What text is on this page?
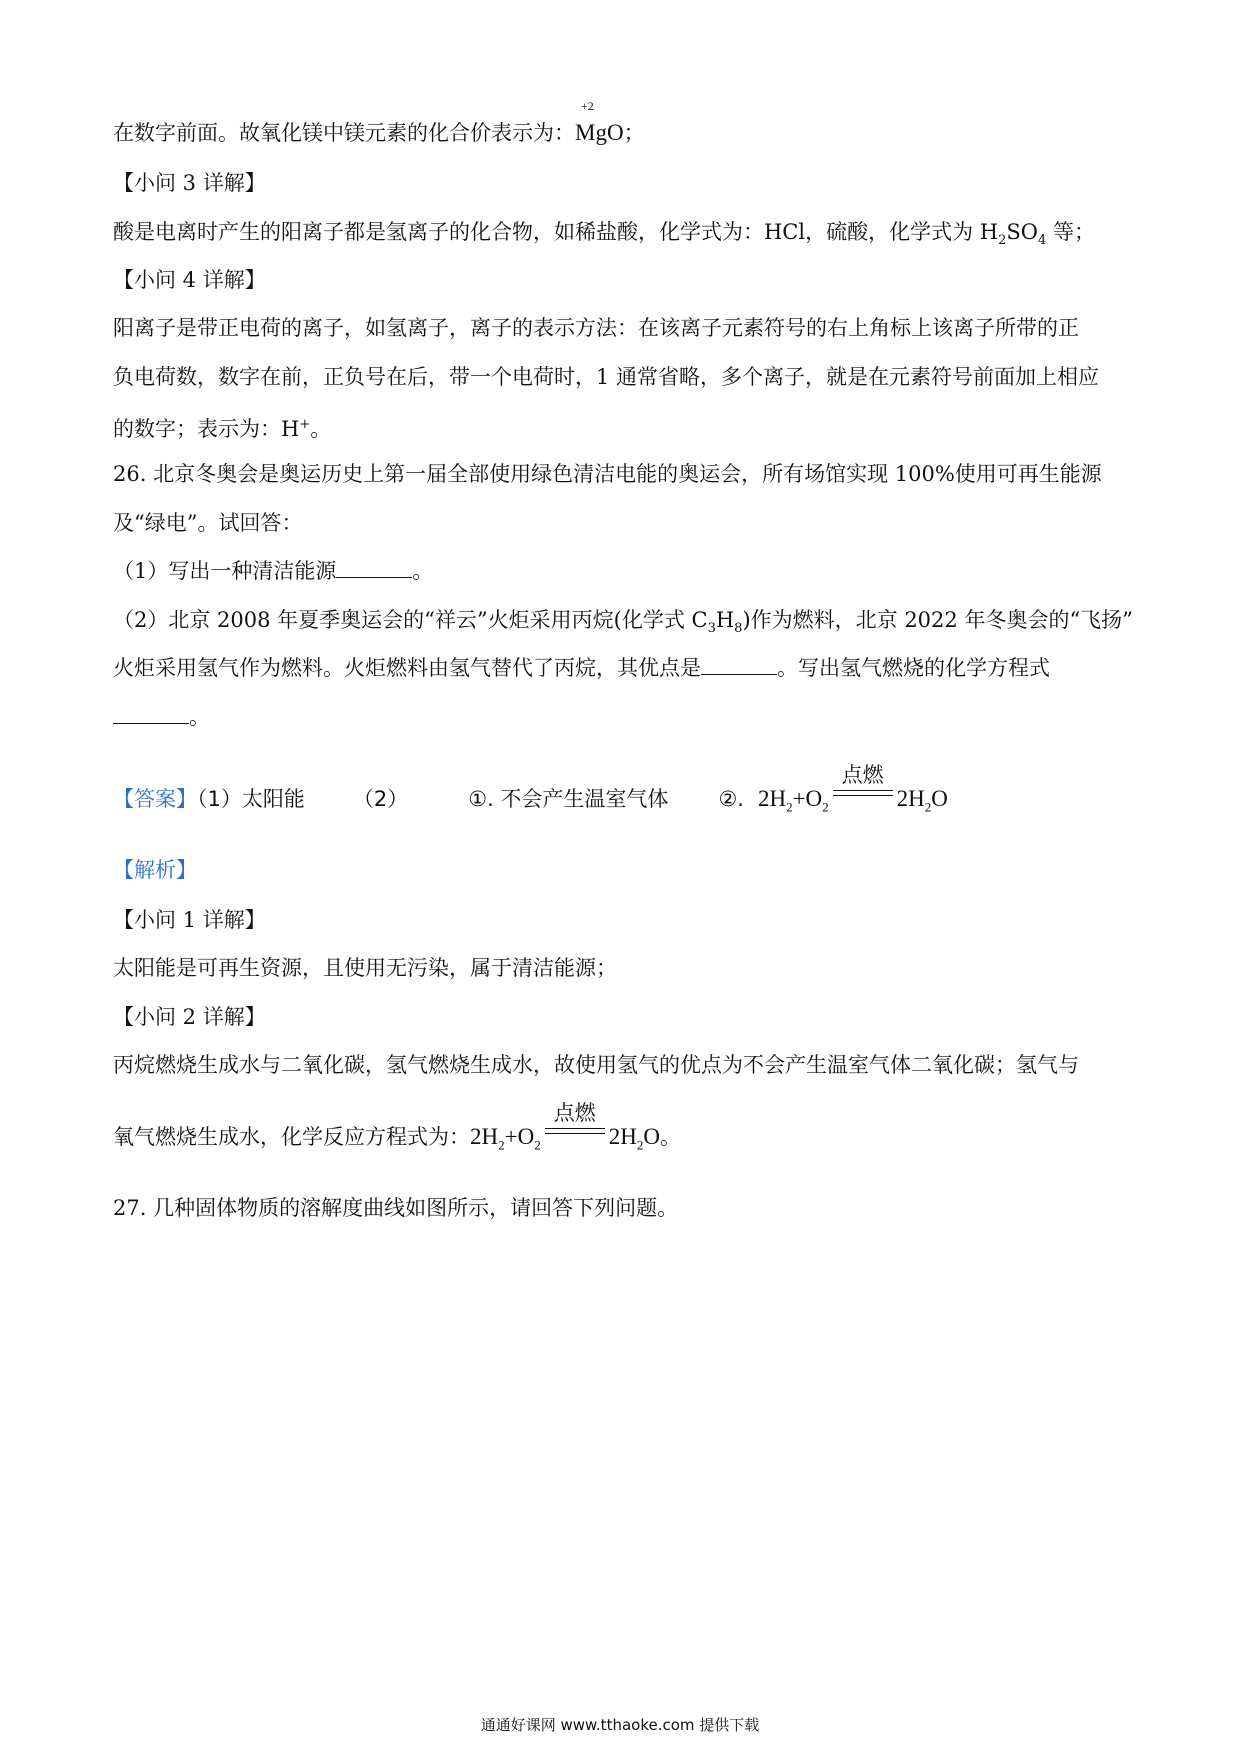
在数字前面。故氧化镁中镁元素的化合价表示为：
+2
MgO；
【小问 3 详解】
酸是电离时产生的阳离子都是氢离子的化合物，如稀盐酸，化学式为：HCl，硫酸，化学式为 $H_2SO_4$ 等；
【小问 4 详解】
阳离子是带正电荷的离子，如氢离子，离子的表示方法：在该离子元素符号的右上角标上该离子所带的正
负电荷数，数字在前，正负号在后，带一个电荷时，1 通常省略，多个离子，就是在元素符号前面加上相应
的数字；表示为：H+。
26. 北京冬奥会是奥运历史上第一届全部使用绿色清洁电能的奥运会，所有场馆实现 100%使用可再生能源
及“绿电”。试回答：
（1）写出一种清洁能源	。
（2）北京 2008 年夏季奥运会的“祥云”火炬采用丙烷(化学式 $C_3H_8$)作为燃料，北京 2022 年冬奥会的“飞扬”
火炬采用氢气作为燃料。火炬燃料由氢气替代了丙烷，其优点是	。写出氢气燃烧的化学方程式
。
【答案】（1）太阳能 （2）	①. 不会产生温室气体 ②. $2H_2+O_2$
点燃
$2H_2O$
【解析】
【小问 1 详解】
太阳能是可再生资源，且使用无污染，属于清洁能源；
【小问 2 详解】
丙烷燃烧生成水与二氧化碳，氢气燃烧生成水，故使用氢气的优点为不会产生温室气体二氧化碳；氢气与
氧气燃烧生成水，化学反应方程式为：$2H_2+O_2$
点燃
$2H_2O$。
27. 几种固体物质的溶解度曲线如图所示，请回答下列问题。
通通好课网 www.tthaoke.com 提供下载
